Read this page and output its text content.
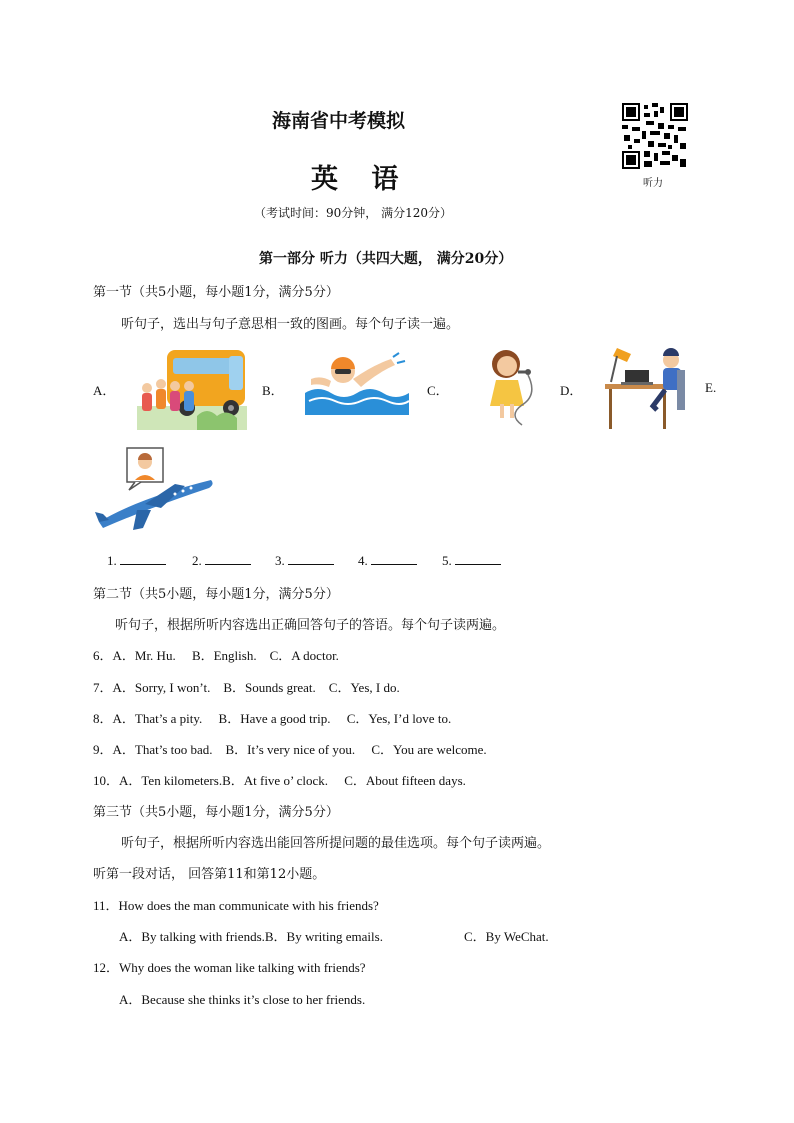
海南省中考模拟
英 语
（考试时间：90分钟， 满分120分）
听力
第一部分 听力（共四大题， 满分20分）
第一节（共5小题，每小题1分，满分5分）
听句子，选出与句子意思相一致的图画。每个句子读一遍。
A．	B．	C．	D．	E.
1.	2.	3.	4.	5.
第二节（共5小题，每小题1分，满分5分）
听句子，根据所听内容选出正确回答句子的答语。每个句子读两遍。
6．A．Mr. Hu.　 B．English.　C．A doctor.
7．A．Sorry, I won’t.　B．Sounds great.　C．Yes, I do.
8．A．That’s a pity.　 B．Have a good trip.　 C．Yes, I’d love to.
9．A．That’s too bad.　B．It’s very nice of you.　 C．You are welcome.
10．A．Ten kilometers.B．At five o’ clock.　 C．About fifteen days.
第三节（共5小题，每小题1分，满分5分）
听句子，根据所听内容选出能回答所提问题的最佳选项。每个句子读两遍。
听第一段对话， 回答第11和第12小题。
11．How does the man communicate with his friends?
A．By talking with friends.B．By writing emails.	C．By WeChat.
12．Why does the woman like talking with friends?
A．Because she thinks it’s close to her friends.
